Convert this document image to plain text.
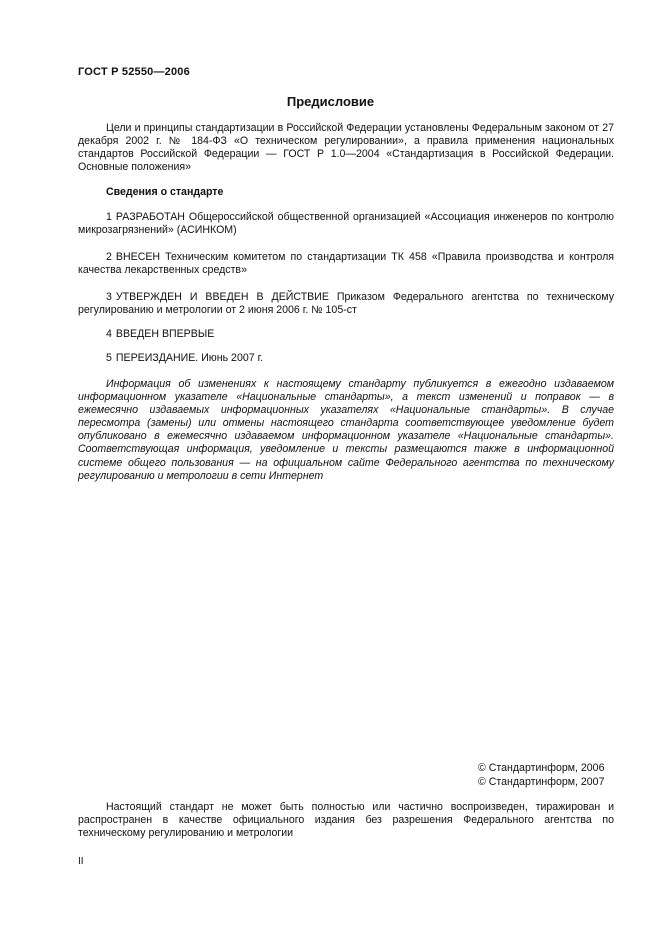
ГОСТ Р 52550—2006
Предисловие

Цели и принципы стандартизации в Российской Федерации установлены Федеральным законом от 27 декабря 2002 г. № 184-ФЗ «О техническом регулировании», а правила применения национальных стандартов Российской Федерации — ГОСТ Р 1.0—2004 «Стандартизация в Российской Федерации. Основные положения»

Сведения о стандарте

1 РАЗРАБОТАН Общероссийской общественной организацией «Ассоциация инженеров по контролю микрозагрязнений» (АСИНКОМ)

2 ВНЕСЕН Техническим комитетом по стандартизации ТК 458 «Правила производства и контроля качества лекарственных средств»

3 УТВЕРЖДЕН И ВВЕДЕН В ДЕЙСТВИЕ Приказом Федерального агентства по техническому регулированию и метрологии от 2 июня 2006 г. № 105-ст

4 ВВЕДЕН ВПЕРВЫЕ

5 ПЕРЕИЗДАНИЕ. Июнь 2007 г.

Информация об изменениях к настоящему стандарту публикуется в ежегодно издаваемом информационном указателе «Национальные стандарты», а текст изменений и поправок — в ежемесячно издаваемых информационных указателях «Национальные стандарты». В случае пересмотра (замены) или отмены настоящего стандарта соответствующее уведомление будет опубликовано в ежемесячно издаваемом информационном указателе «Национальные стандарты». Соответствующая информация, уведомление и тексты размещаются также в информационной системе общего пользования — на официальном сайте Федерального агентства по техническому регулированию и метрологии в сети Интернет

© Стандартинформ, 2006
© Стандартинформ, 2007

Настоящий стандарт не может быть полностью или частично воспроизведен, тиражирован и распространен в качестве официального издания без разрешения Федерального агентства по техническому регулированию и метрологии

II
